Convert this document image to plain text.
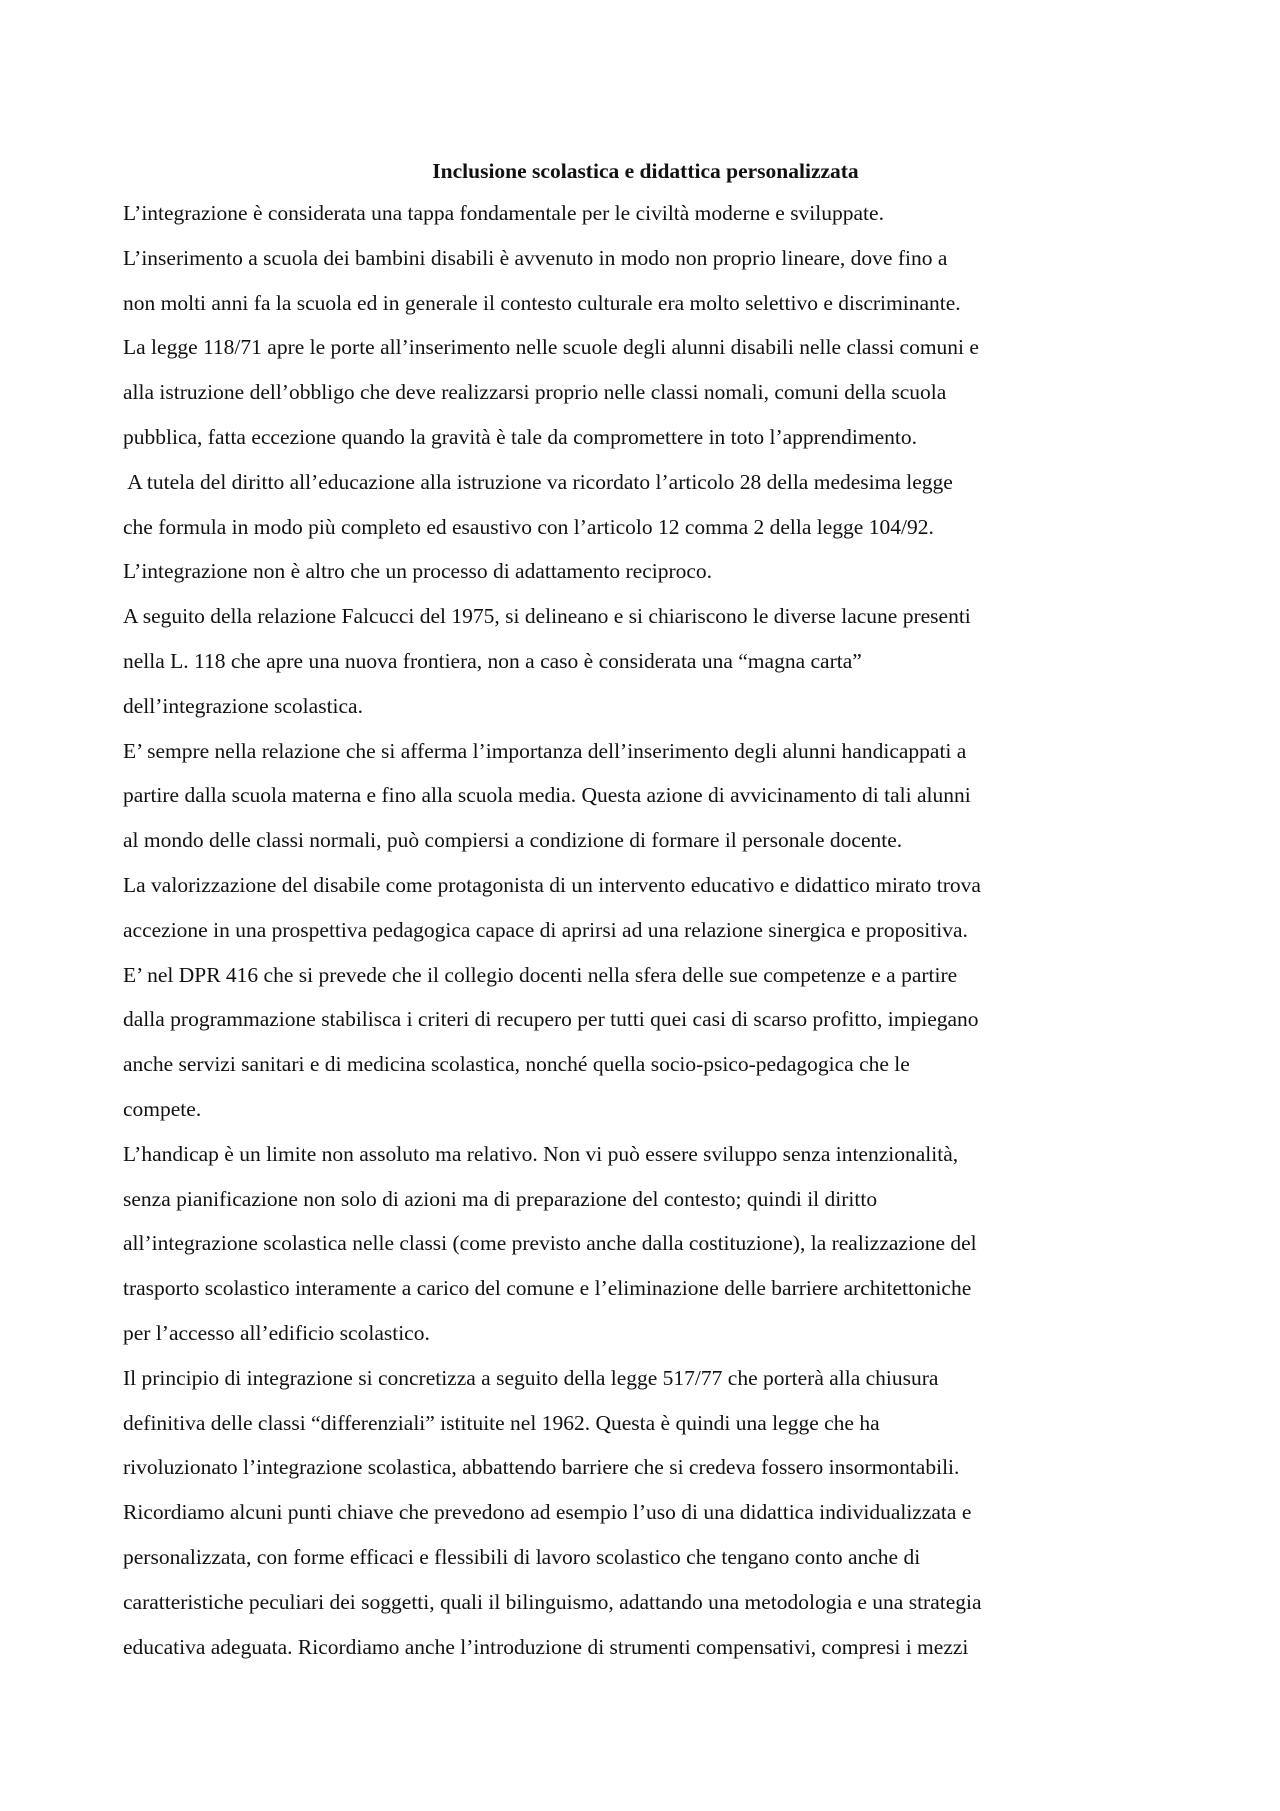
Inclusione scolastica e didattica personalizzata
L’integrazione è considerata una tappa fondamentale per le civiltà moderne e sviluppate.
L’inserimento a scuola dei bambini disabili è avvenuto in modo non proprio lineare, dove fino a
non molti anni fa la scuola ed in generale il contesto culturale era molto selettivo e discriminante.
La legge 118/71 apre le porte all’inserimento nelle scuole degli alunni disabili nelle classi comuni e
alla istruzione dell’obbligo che deve realizzarsi proprio nelle classi nomali, comuni della scuola
pubblica, fatta eccezione quando la gravità è tale da compromettere in toto l’apprendimento.
A tutela del diritto all’educazione alla istruzione va ricordato l’articolo 28 della medesima legge
che formula in modo più completo ed esaustivo con l’articolo 12 comma 2 della legge 104/92.
L’integrazione non è altro che un processo di adattamento reciproco.
A seguito della relazione Falcucci del 1975, si delineano e si chiariscono le diverse lacune presenti
nella L. 118 che apre una nuova frontiera, non a caso è considerata una “magna carta”
dell’integrazione scolastica.
E’ sempre nella relazione che si afferma l’importanza dell’inserimento degli alunni handicappati a
partire dalla scuola materna e fino alla scuola media. Questa azione di avvicinamento di tali alunni
al mondo delle classi normali, può compiersi a condizione di formare il personale docente.
La valorizzazione del disabile come protagonista di un intervento educativo e didattico mirato trova
accezione in una prospettiva pedagogica capace di aprirsi ad una relazione sinergica e propositiva.
E’ nel DPR 416 che si prevede che il collegio docenti nella sfera delle sue competenze e a partire
dalla programmazione stabilisca i criteri di recupero per tutti quei casi di scarso profitto, impiegano
anche servizi sanitari e di medicina scolastica, nonché quella socio-psico-pedagogica che le
compete.
L’handicap è un limite non assoluto ma relativo. Non vi può essere sviluppo senza intenzionalità,
senza pianificazione non solo di azioni ma di preparazione del contesto; quindi il diritto
all’integrazione scolastica nelle classi (come previsto anche dalla costituzione), la realizzazione del
trasporto scolastico interamente a carico del comune e l’eliminazione delle barriere architettoniche
per l’accesso all’edificio scolastico.
Il principio di integrazione si concretizza a seguito della legge 517/77 che porterà alla chiusura
definitiva delle classi “differenziali” istituite nel 1962. Questa è quindi una legge che ha
rivoluzionato l’integrazione scolastica, abbattendo barriere che si credeva fossero insormontabili.
Ricordiamo alcuni punti chiave che prevedono ad esempio l’uso di una didattica individualizzata e
personalizzata, con forme efficaci e flessibili di lavoro scolastico che tengano conto anche di
caratteristiche peculiari dei soggetti, quali il bilinguismo, adattando una metodologia e una strategia
educativa adeguata. Ricordiamo anche l’introduzione di strumenti compensativi, compresi i mezzi
